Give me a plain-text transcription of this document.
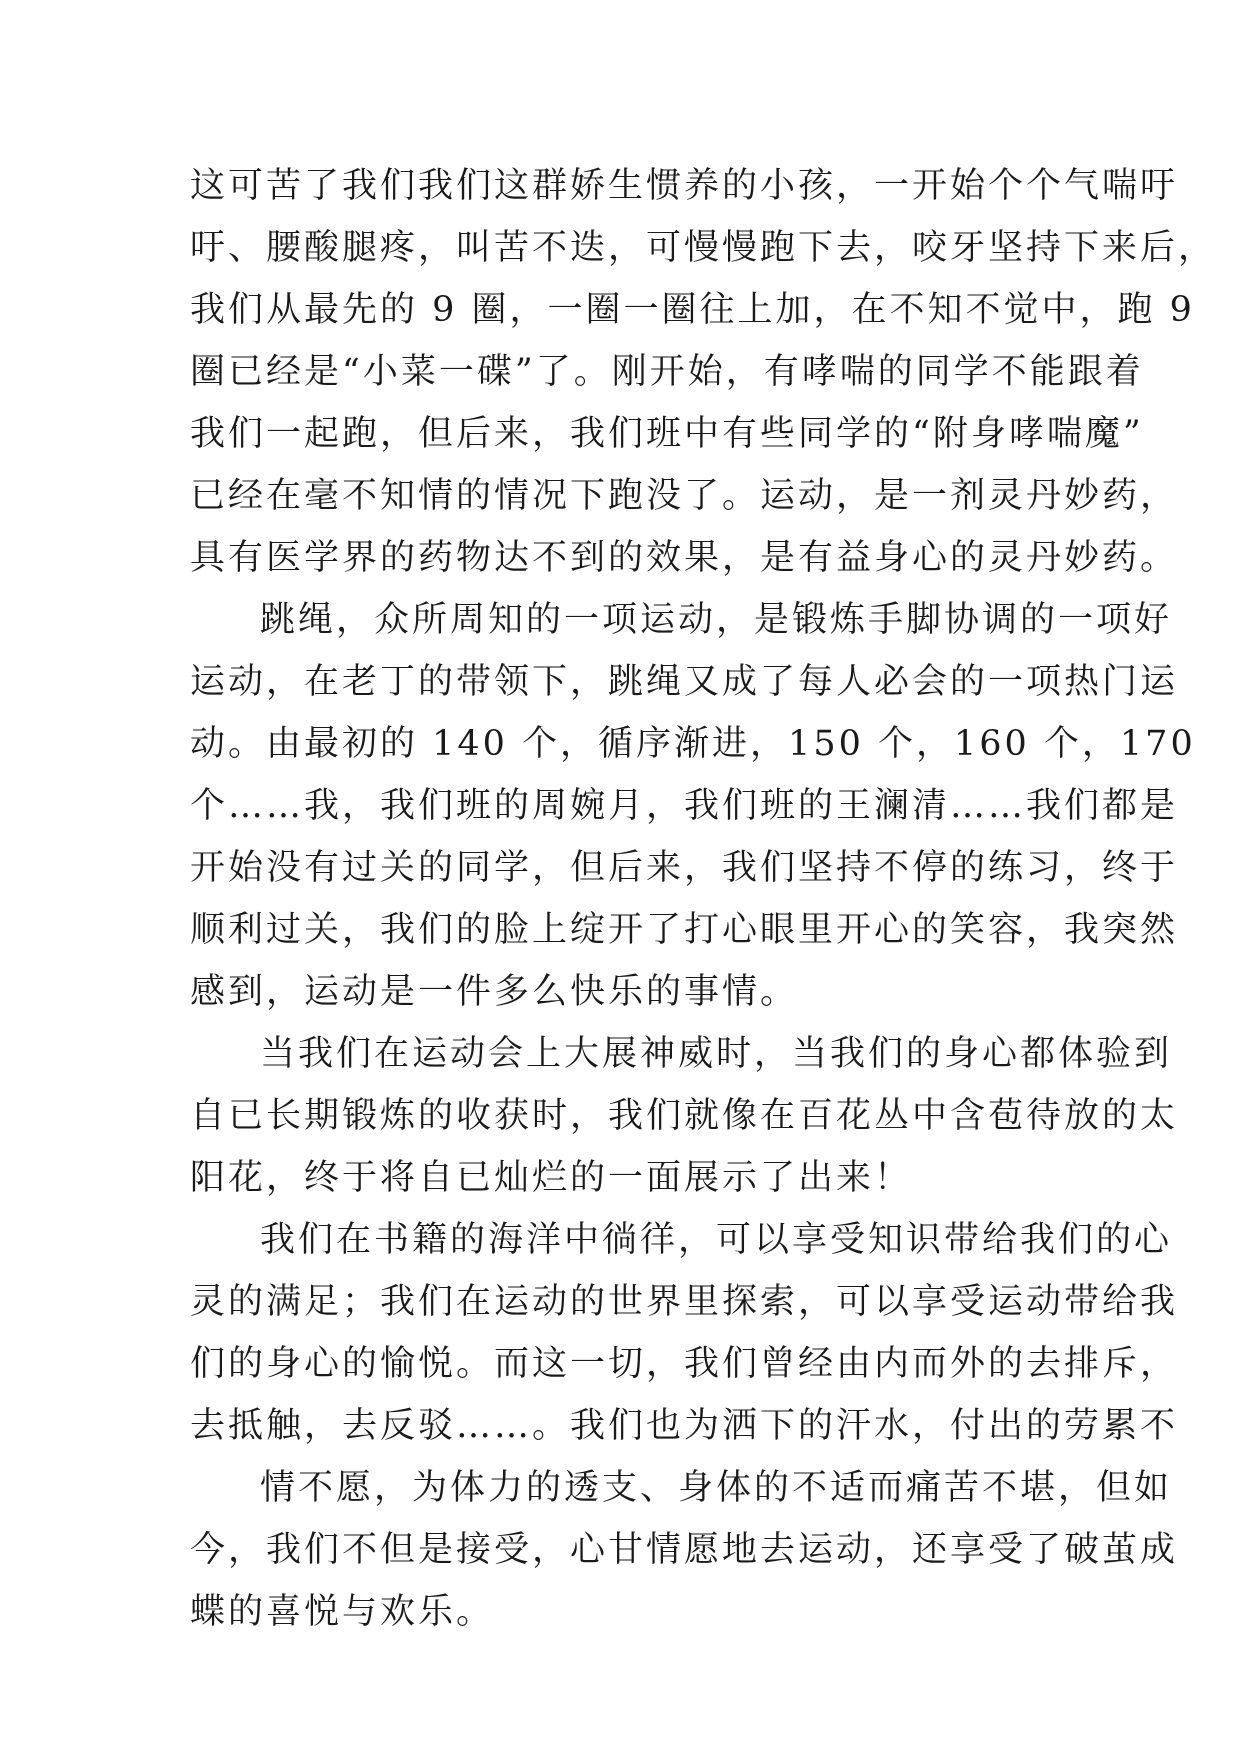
这可苦了我们我们这群娇生惯养的小孩，一开始个个气喘吁
吁、腰酸腿疼，叫苦不迭，可慢慢跑下去，咬牙坚持下来后，
我们从最先的 9 圈，一圈一圈往上加，在不知不觉中，跑 9
圈已经是“小菜一碟”了。刚开始，有哮喘的同学不能跟着
我们一起跑，但后来，我们班中有些同学的“附身哮喘魔”
已经在毫不知情的情况下跑没了。运动，是一剂灵丹妙药，
具有医学界的药物达不到的效果，是有益身心的灵丹妙药。
跳绳，众所周知的一项运动，是锻炼手脚协调的一项好
运动，在老丁的带领下，跳绳又成了每人必会的一项热门运
动。由最初的 140 个，循序渐进，150 个，160 个，170
个……我，我们班的周婉月，我们班的王澜清……我们都是
开始没有过关的同学，但后来，我们坚持不停的练习，终于
顺利过关，我们的脸上绽开了打心眼里开心的笑容，我突然
感到，运动是一件多么快乐的事情。
当我们在运动会上大展神威时，当我们的身心都体验到
自已长期锻炼的收获时，我们就像在百花丛中含苞待放的太
阳花，终于将自已灿烂的一面展示了出来！
我们在书籍的海洋中徜徉，可以享受知识带给我们的心
灵的满足；我们在运动的世界里探索，可以享受运动带给我
们的身心的愉悦。而这一切，我们曾经由内而外的去排斥，
去抵触，去反驳……。我们也为洒下的汗水，付出的劳累不
情不愿，为体力的透支、身体的不适而痛苦不堪，但如
今，我们不但是接受，心甘情愿地去运动，还享受了破茧成
蝶的喜悦与欢乐。
